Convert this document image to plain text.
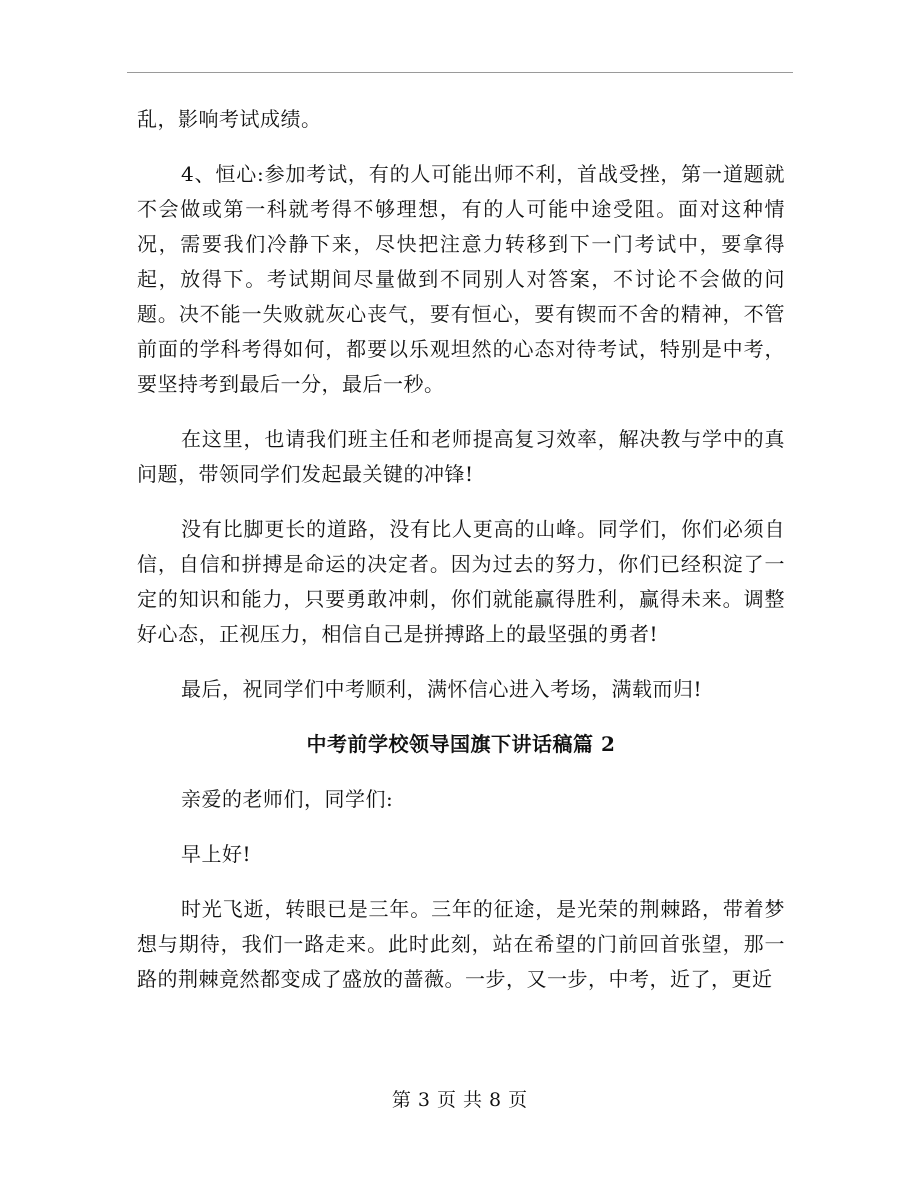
乱，影响考试成绩。

4、恒心:参加考试，有的人可能出师不利，首战受挫，第一道题就不会做或第一科就考得不够理想，有的人可能中途受阻。面对这种情况，需要我们冷静下来，尽快把注意力转移到下一门考试中，要拿得起，放得下。考试期间尽量做到不同别人对答案，不讨论不会做的问题。决不能一失败就灰心丧气，要有恒心，要有锲而不舍的精神，不管前面的学科考得如何，都要以乐观坦然的心态对待考试，特别是中考，要坚持考到最后一分，最后一秒。

在这里，也请我们班主任和老师提高复习效率，解决教与学中的真问题，带领同学们发起最关键的冲锋!

没有比脚更长的道路，没有比人更高的山峰。同学们，你们必须自信，自信和拼搏是命运的决定者。因为过去的努力，你们已经积淀了一定的知识和能力，只要勇敢冲刺，你们就能赢得胜利，赢得未来。调整好心态，正视压力，相信自己是拼搏路上的最坚强的勇者!

最后，祝同学们中考顺利，满怀信心进入考场，满载而归!

中考前学校领导国旗下讲话稿篇 2

亲爱的老师们，同学们:

早上好!

时光飞逝，转眼已是三年。三年的征途，是光荣的荆棘路，带着梦想与期待，我们一路走来。此时此刻，站在希望的门前回首张望，那一路的荆棘竟然都变成了盛放的蔷薇。一步，又一步，中考，近了，更近

第 3 页 共 8 页
